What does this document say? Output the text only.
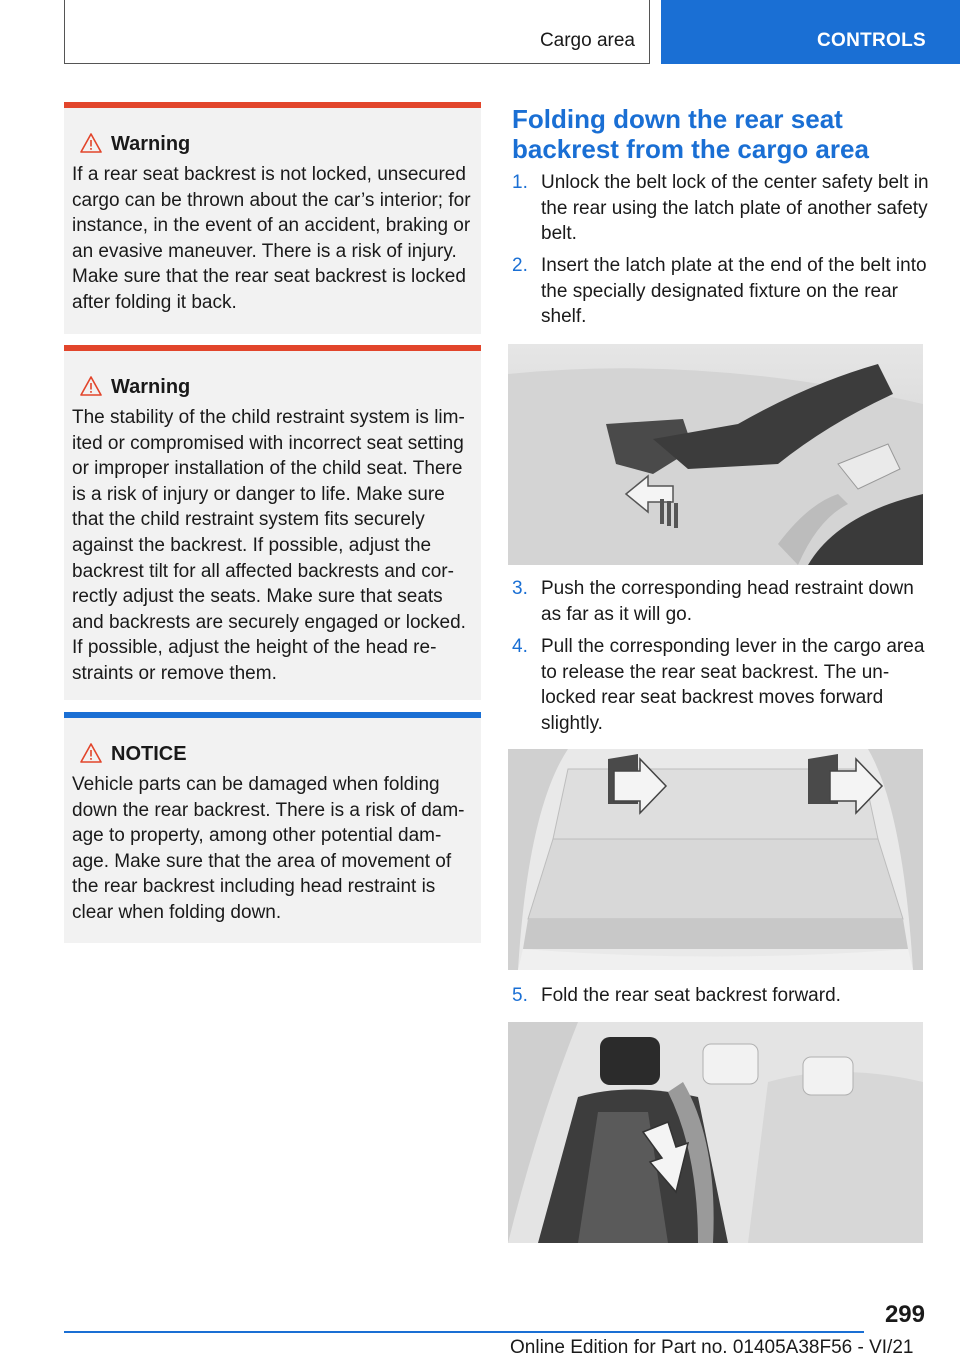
Cargo area	CONTROLS
Warning
If a rear seat backrest is not locked, unsecured cargo can be thrown about the car’s interior; for instance, in the event of an accident, braking or an evasive maneuver. There is a risk of injury. Make sure that the rear seat backrest is locked after folding it back.
Warning
The stability of the child restraint system is lim-ited or compromised with incorrect seat setting or improper installation of the child seat. There is a risk of injury or danger to life. Make sure that the child restraint system fits securely against the backrest. If possible, adjust the backrest tilt for all affected backrests and cor-rectly adjust the seats. Make sure that seats and backrests are securely engaged or locked. If possible, adjust the height of the head re-straints or remove them.
NOTICE
Vehicle parts can be damaged when folding down the rear backrest. There is a risk of dam-age to property, among other potential dam-age. Make sure that the area of movement of the rear backrest including head restraint is clear when folding down.
Folding down the rear seat backrest from the cargo area
1. Unlock the belt lock of the center safety belt in the rear using the latch plate of another safety belt.
2. Insert the latch plate at the end of the belt into the specially designated fixture on the rear shelf.
3. Push the corresponding head restraint down as far as it will go.
4. Pull the corresponding lever in the cargo area to release the rear seat backrest. The un-locked rear seat backrest moves forward slightly.
5. Fold the rear seat backrest forward.
299
Online Edition for Part no. 01405A38F56 - VI/21
